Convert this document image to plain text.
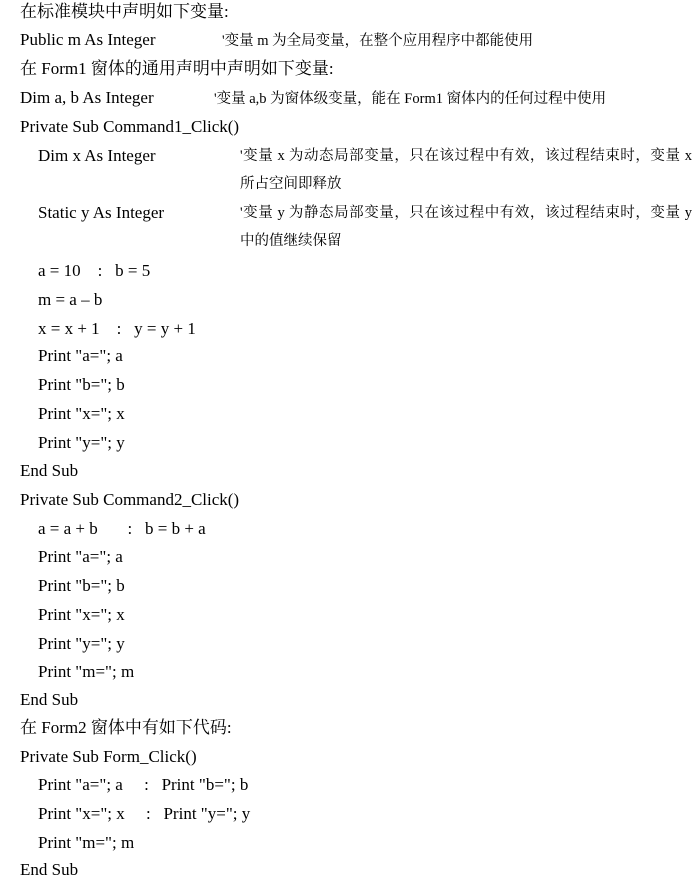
在标准模块中声明如下变量:
Public m As Integer	'变量 m 为全局变量，在整个应用程序中都能使用
在 Form1 窗体的通用声明中声明如下变量:
Dim a, b As Integer	'变量 a,b 为窗体级变量，能在 Form1 窗体内的任何过程中使用
Private Sub Command1_Click()
Dim x As Integer	'变量 x 为动态局部变量，只在该过程中有效，该过程结束时，变量 x 所占空间即释放
Static y As Integer	'变量 y 为静态局部变量，只在该过程中有效，该过程结束时，变量 y 中的值继续保留
a = 10    :   b = 5
m = a – b
x = x + 1    :   y = y + 1
Print "a="; a
Print "b="; b
Print "x="; x
Print "y="; y
End Sub
Private Sub Command2_Click()
a = a + b       :   b = b + a
Print "a="; a
Print "b="; b
Print "x="; x
Print "y="; y
Print "m="; m
End Sub
在 Form2 窗体中有如下代码:
Private Sub Form_Click()
Print "a="; a     :   Print "b="; b
Print "x="; x     :   Print "y="; y
Print "m="; m
End Sub
